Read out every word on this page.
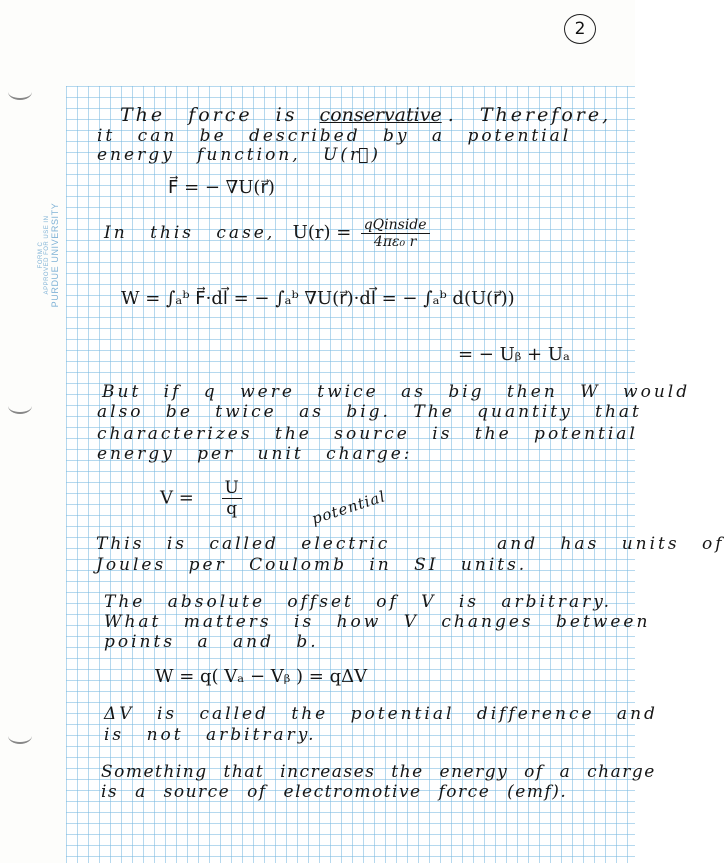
2
FORM C APPROVED FOR USE IN PURDUE UNIVERSITY
The force is conservative . Therefore,
it can be described by a potential
energy function, U(r⃗)
F⃗ = − ∇U(r⃗)
In this case, $U(r) = \frac{\text{qQinside}}{\text{4πε₀ r}}$
W = ∫ₐᵇ F⃗·dl⃗ = − ∫ₐᵇ ∇U(r⃗)·dl⃗ = − ∫ₐᵇ d(U(r⃗))
= − Uᵦ + Uₐ
But if q were twice as big then W would
also be twice as big. The quantity that
characterizes the source is the potential
energy per unit charge:
$V = \frac{U}{q}$
This is called electric	and has units of
potential
Joules per Coulomb in SI units.
The absolute offset of V is arbitrary.
What matters is how V changes between
points a and b.
W = q( Vₐ − Vᵦ ) = qΔV
ΔV is called the potential difference and
is not arbitrary.
Something that increases the energy of a charge
is a source of electromotive force (emf).
